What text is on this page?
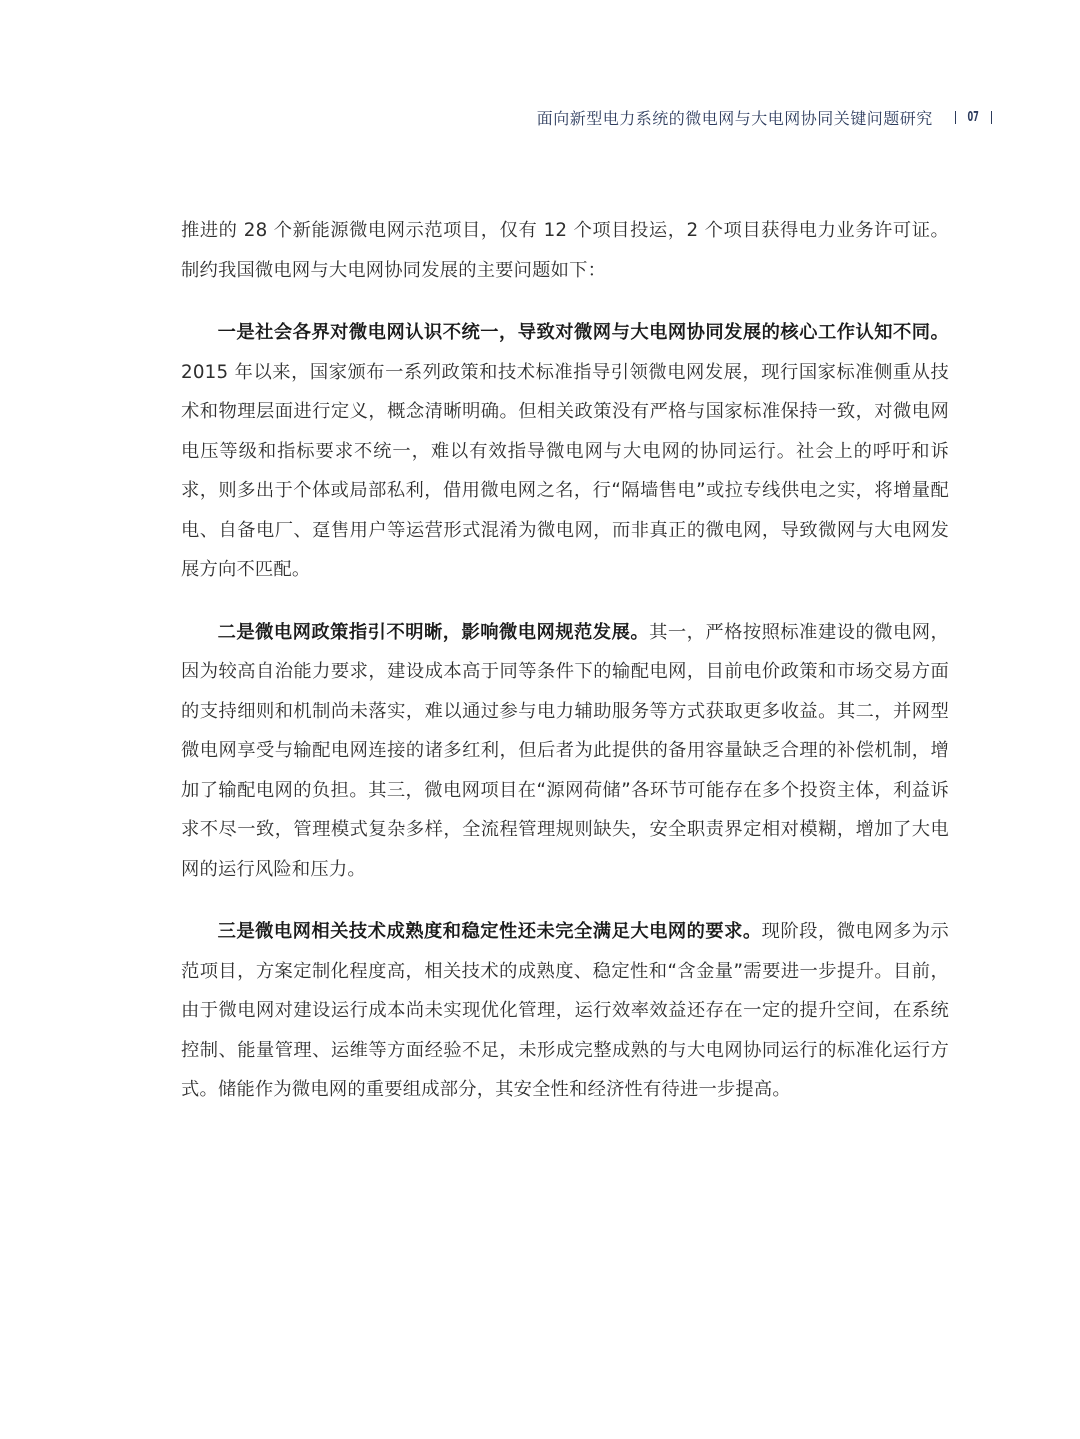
面向新型电力系统的微电网与大电网协同关键问题研究	07

推进的 28 个新能源微电网示范项目，仅有 12 个项目投运，2 个项目获得电力业务许可证。制约我国微电网与大电网协同发展的主要问题如下：

一是社会各界对微电网认识不统一，导致对微网与大电网协同发展的核心工作认知不同。2015 年以来，国家颁布一系列政策和技术标准指导引领微电网发展，现行国家标准侧重从技术和物理层面进行定义，概念清晰明确。但相关政策没有严格与国家标准保持一致，对微电网电压等级和指标要求不统一，难以有效指导微电网与大电网的协同运行。社会上的呼吁和诉求，则多出于个体或局部私利，借用微电网之名，行“隔墙售电”或拉专线供电之实，将增量配电、自备电厂、趸售用户等运营形式混淆为微电网，而非真正的微电网，导致微网与大电网发展方向不匹配。

二是微电网政策指引不明晰，影响微电网规范发展。其一，严格按照标准建设的微电网，因为较高自治能力要求，建设成本高于同等条件下的输配电网，目前电价政策和市场交易方面的支持细则和机制尚未落实，难以通过参与电力辅助服务等方式获取更多收益。其二，并网型微电网享受与输配电网连接的诸多红利，但后者为此提供的备用容量缺乏合理的补偿机制，增加了输配电网的负担。其三，微电网项目在“源网荷储”各环节可能存在多个投资主体，利益诉求不尽一致，管理模式复杂多样，全流程管理规则缺失，安全职责界定相对模糊，增加了大电网的运行风险和压力。

三是微电网相关技术成熟度和稳定性还未完全满足大电网的要求。现阶段，微电网多为示范项目，方案定制化程度高，相关技术的成熟度、稳定性和“含金量”需要进一步提升。目前，由于微电网对建设运行成本尚未实现优化管理，运行效率效益还存在一定的提升空间，在系统控制、能量管理、运维等方面经验不足，未形成完整成熟的与大电网协同运行的标准化运行方式。储能作为微电网的重要组成部分，其安全性和经济性有待进一步提高。
